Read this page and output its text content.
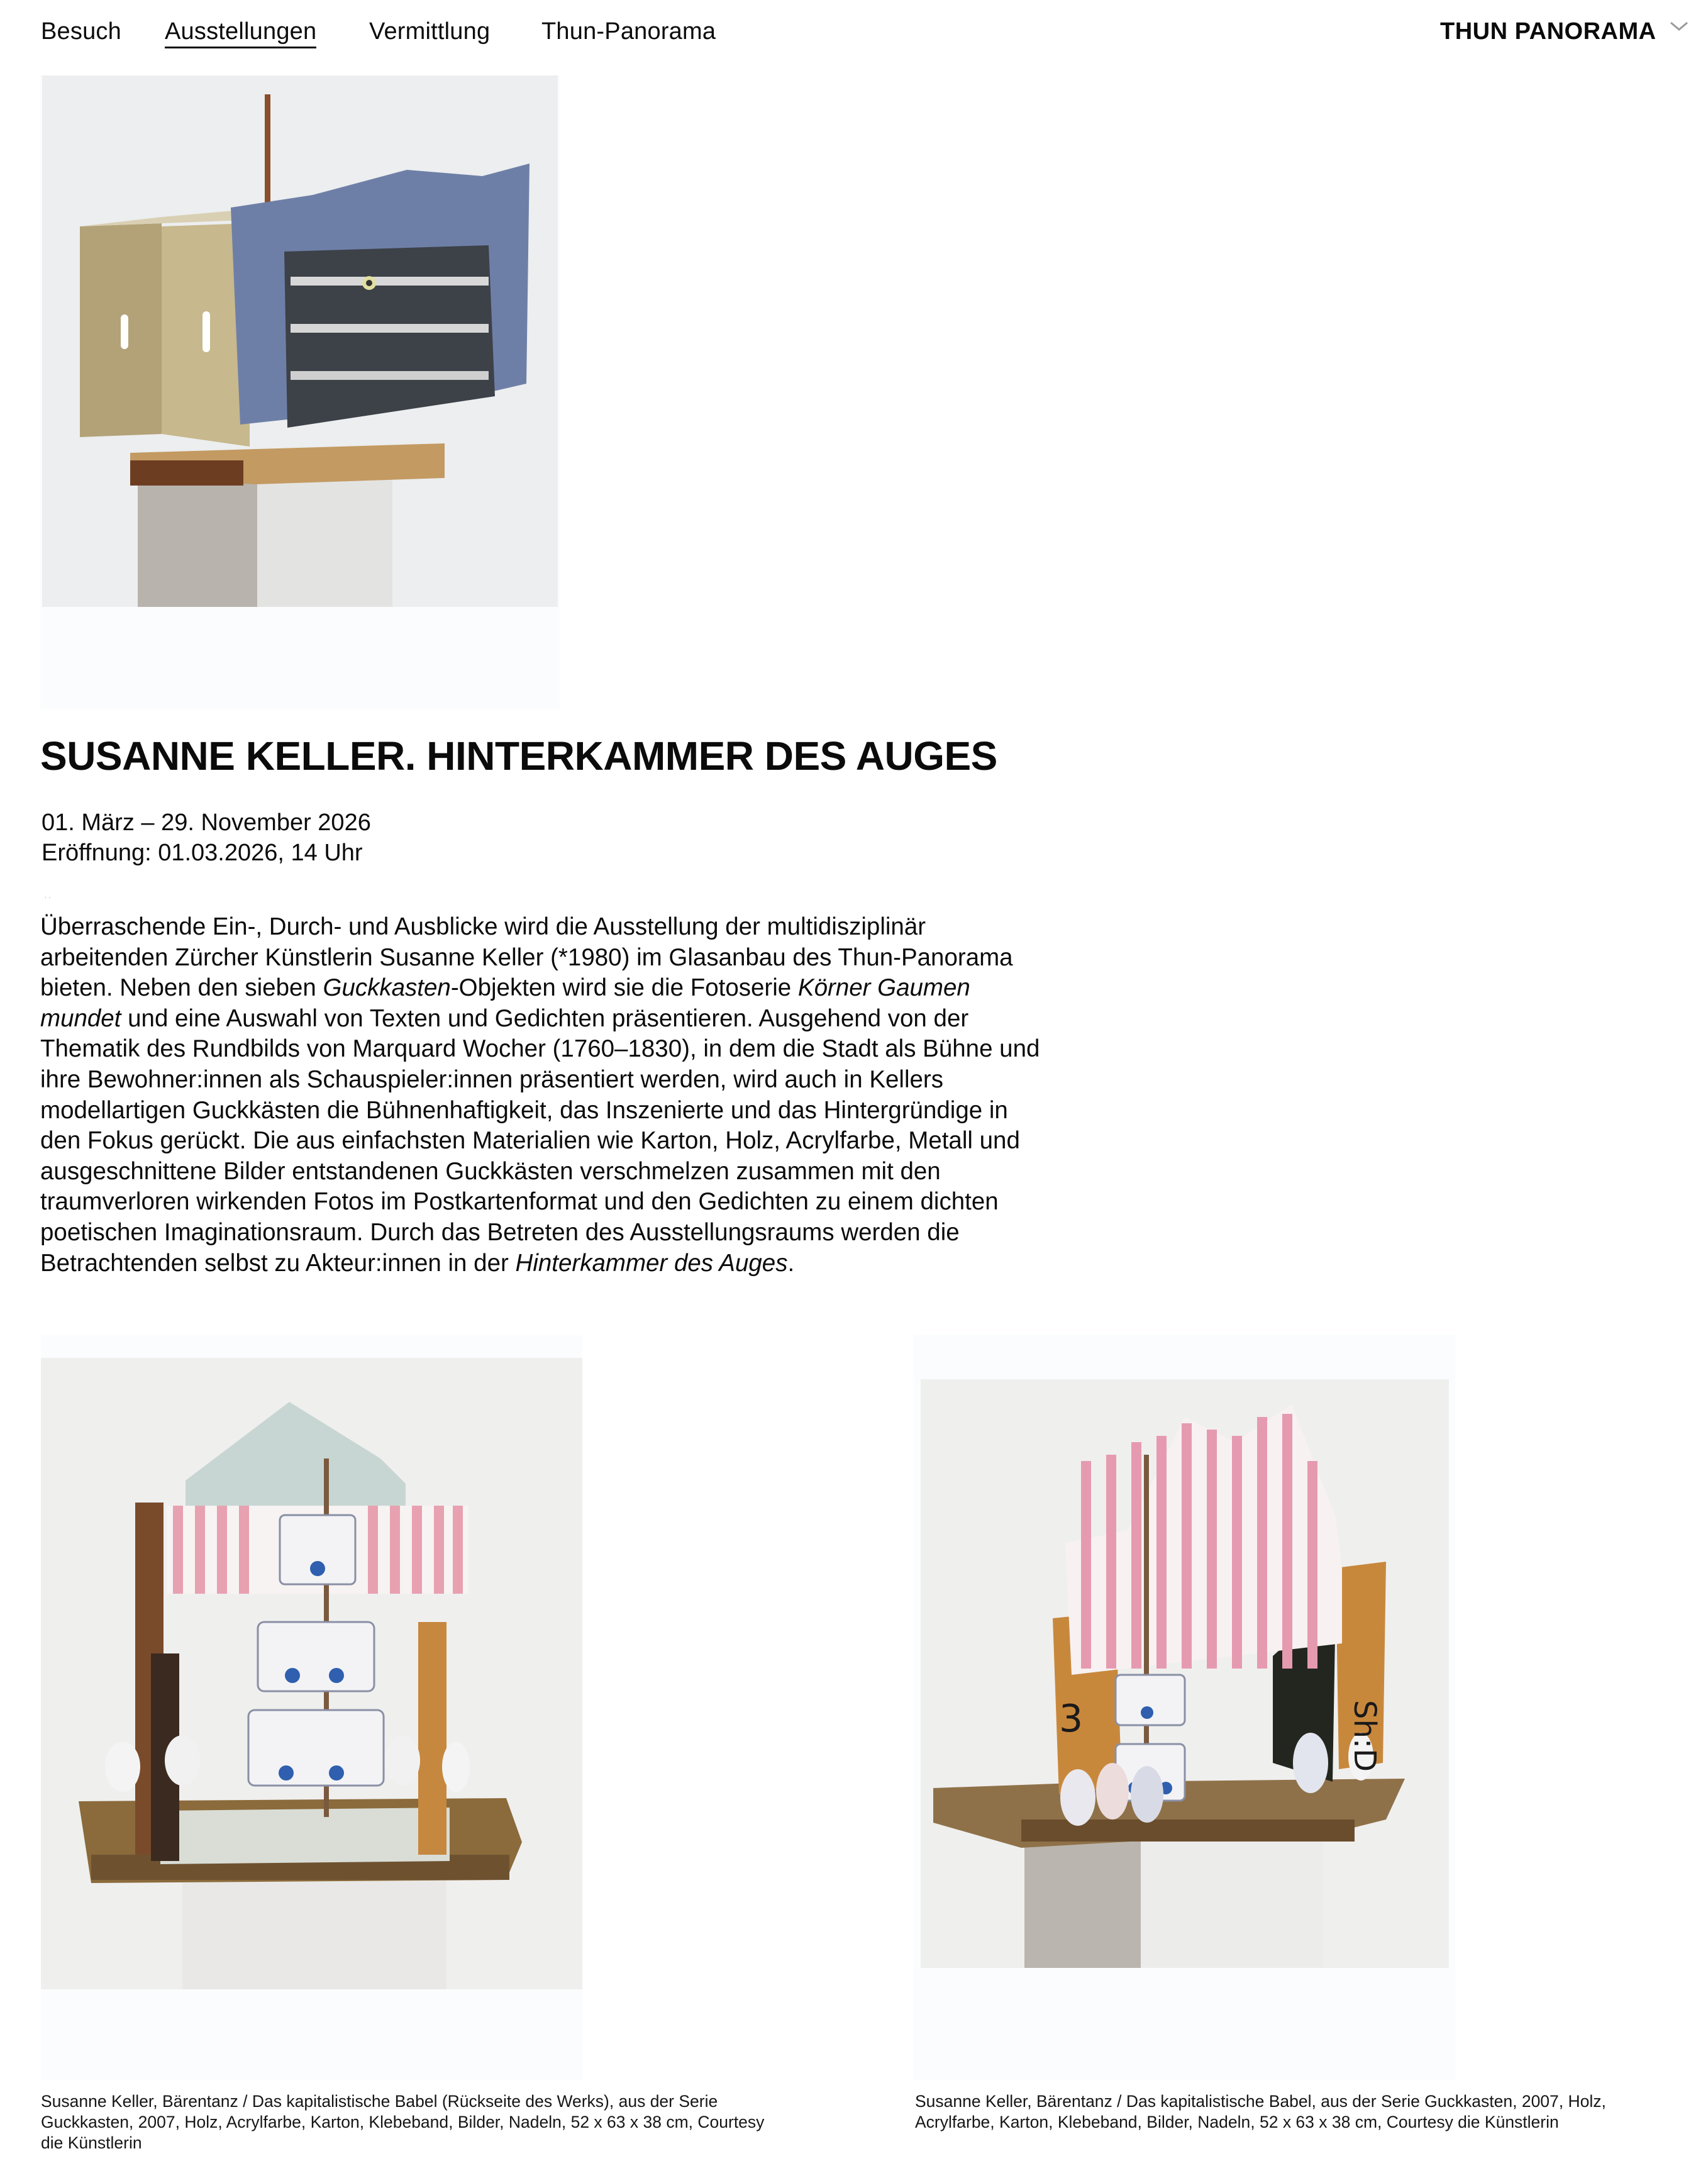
Besuch Ausstellungen Vermittlung Thun-Panorama	THUN PANORAMA
SUSANNE KELLER. HINTERKAMMER DES AUGES
01. März – 29. November 2026
Eröffnung: 01.03.2026, 14 Uhr
··
Überraschende Ein-, Durch- und Ausblicke wird die Ausstellung der multidisziplinär
arbeitenden Zürcher Künstlerin Susanne Keller (*1980) im Glasanbau des Thun-Panorama
bieten. Neben den sieben Guckkasten-Objekten wird sie die Fotoserie Körner Gaumen
mundet und eine Auswahl von Texten und Gedichten präsentieren. Ausgehend von der
Thematik des Rundbilds von Marquard Wocher (1760–1830), in dem die Stadt als Bühne und
ihre Bewohner:innen als Schauspieler:innen präsentiert werden, wird auch in Kellers
modellartigen Guckkästen die Bühnenhaftigkeit, das Inszenierte und das Hintergründige in
den Fokus gerückt. Die aus einfachsten Materialien wie Karton, Holz, Acrylfarbe, Metall und
ausgeschnittene Bilder entstandenen Guckkästen verschmelzen zusammen mit den
traumverloren wirkenden Fotos im Postkartenformat und den Gedichten zu einem dichten
poetischen Imaginationsraum. Durch das Betreten des Ausstellungsraums werden die
Betrachtenden selbst zu Akteur:innen in der Hinterkammer des Auges.
Susanne Keller, Bärentanz / Das kapitalistische Babel (Rückseite des Werks), aus der Serie
Guckkasten, 2007, Holz, Acrylfarbe, Karton, Klebeband, Bilder, Nadeln, 52 x 63 x 38 cm, Courtesy
die Künstlerin
3	Sh:D
Susanne Keller, Bärentanz / Das kapitalistische Babel, aus der Serie Guckkasten, 2007, Holz,
Acrylfarbe, Karton, Klebeband, Bilder, Nadeln, 52 x 63 x 38 cm, Courtesy die Künstlerin
